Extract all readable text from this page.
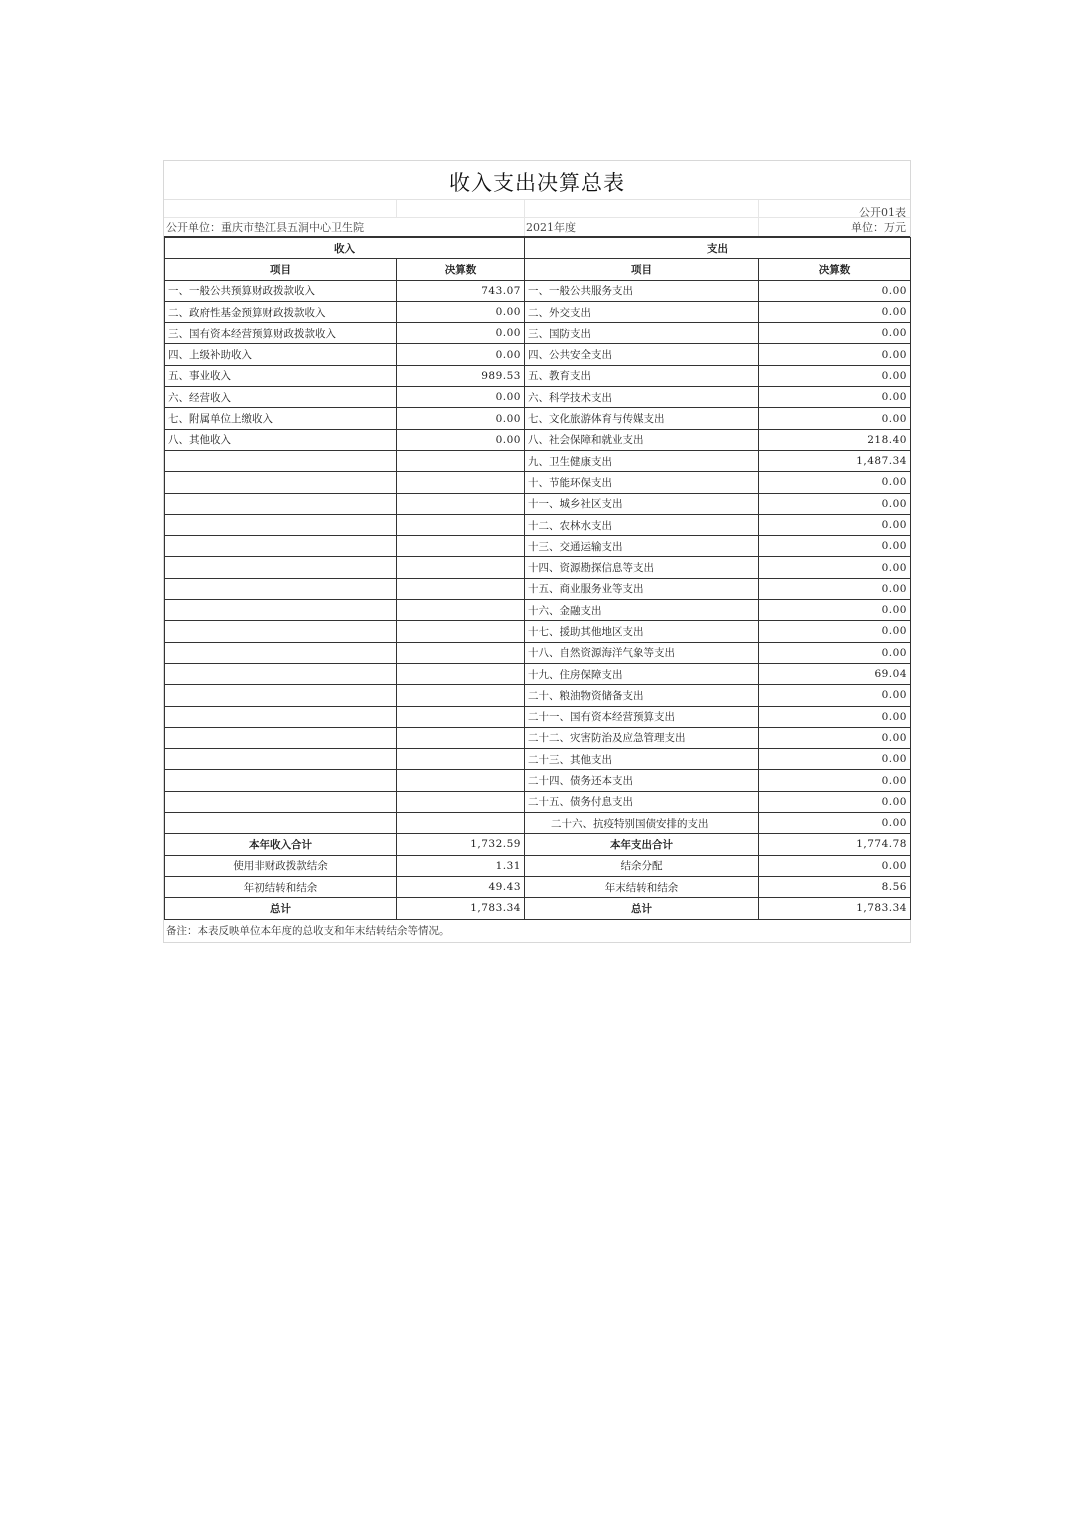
收入支出决算总表
公开01表
公开单位：重庆市垫江县五洞中心卫生院	2021年度	单位：万元
收入		支出	
项目	决算数	项目	决算数
一、一般公共预算财政拨款收入	743.07	一、一般公共服务支出	0.00
二、政府性基金预算财政拨款收入	0.00	二、外交支出	0.00
三、国有资本经营预算财政拨款收入	0.00	三、国防支出	0.00
四、上级补助收入	0.00	四、公共安全支出	0.00
五、事业收入	989.53	五、教育支出	0.00
六、经营收入	0.00	六、科学技术支出	0.00
七、附属单位上缴收入	0.00	七、文化旅游体育与传媒支出	0.00
八、其他收入	0.00	八、社会保障和就业支出	218.40
		九、卫生健康支出	1,487.34
		十、节能环保支出	0.00
		十一、城乡社区支出	0.00
		十二、农林水支出	0.00
		十三、交通运输支出	0.00
		十四、资源勘探信息等支出	0.00
		十五、商业服务业等支出	0.00
		十六、金融支出	0.00
		十七、援助其他地区支出	0.00
		十八、自然资源海洋气象等支出	0.00
		十九、住房保障支出	69.04
		二十、粮油物资储备支出	0.00
		二十一、国有资本经营预算支出	0.00
		二十二、灾害防治及应急管理支出	0.00
		二十三、其他支出	0.00
		二十四、债务还本支出	0.00
		二十五、债务付息支出	0.00
		二十六、抗疫特别国债安排的支出	0.00
本年收入合计	1,732.59	本年支出合计	1,774.78
使用非财政拨款结余	1.31	结余分配	0.00
年初结转和结余	49.43	年末结转和结余	8.56
总计	1,783.34	总计	1,783.34
备注：本表反映单位本年度的总收支和年末结转结余等情况。
